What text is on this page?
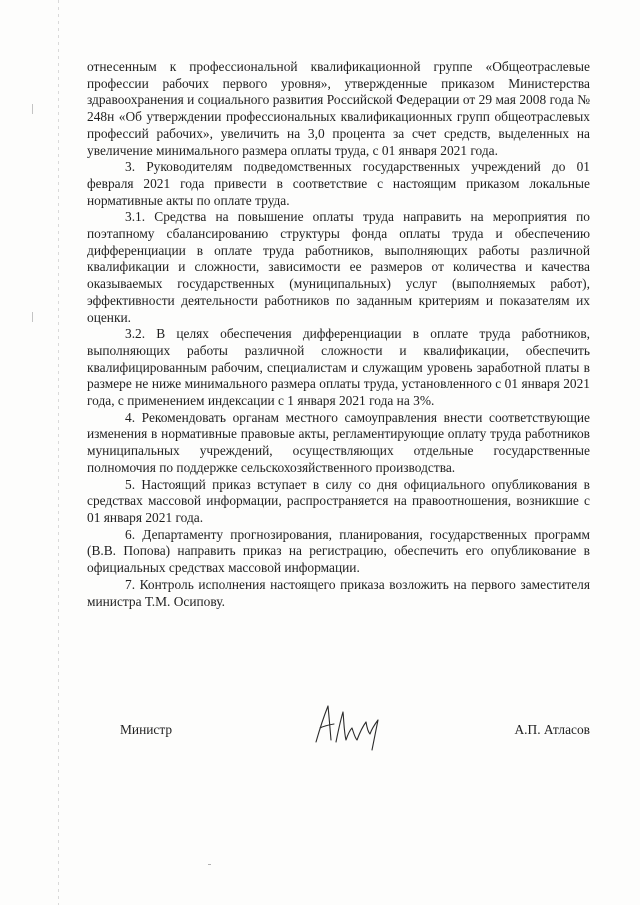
отнесенным к профессиональной квалификационной группе «Общеотраслевые профессии рабочих первого уровня», утвержденные приказом Министерства здравоохранения и социального развития Российской Федерации от 29 мая 2008 года № 248н «Об утверждении профессиональных квалификационных групп общеотраслевых профессий рабочих», увеличить на 3,0 процента за счет средств, выделенных на увеличение минимального размера оплаты труда, с 01 января 2021 года.

3. Руководителям подведомственных государственных учреждений до 01 февраля 2021 года привести в соответствие с настоящим приказом локальные нормативные акты по оплате труда.

3.1. Средства на повышение оплаты труда направить на мероприятия по поэтапному сбалансированию структуры фонда оплаты труда и обеспечению дифференциации в оплате труда работников, выполняющих работы различной квалификации и сложности, зависимости ее размеров от количества и качества оказываемых государственных (муниципальных) услуг (выполняемых работ), эффективности деятельности работников по заданным критериям и показателям их оценки.

3.2. В целях обеспечения дифференциации в оплате труда работников, выполняющих работы различной сложности и квалификации, обеспечить квалифицированным рабочим, специалистам и служащим уровень заработной платы в размере не ниже минимального размера оплаты труда, установленного с 01 января 2021 года, с применением индексации с 1 января 2021 года на 3%.

4. Рекомендовать органам местного самоуправления внести соответствующие изменения в нормативные правовые акты, регламентирующие оплату труда работников муниципальных учреждений, осуществляющих отдельные государственные полномочия по поддержке сельскохозяйственного производства.

5. Настоящий приказ вступает в силу со дня официального опубликования в средствах массовой информации, распространяется на правоотношения, возникшие с 01 января 2021 года.

6. Департаменту прогнозирования, планирования, государственных программ (В.В. Попова) направить приказ на регистрацию, обеспечить его опубликование в официальных средствах массовой информации.

7. Контроль исполнения настоящего приказа возложить на первого заместителя министра Т.М. Осипову.

Министр	А.П. Атласов
